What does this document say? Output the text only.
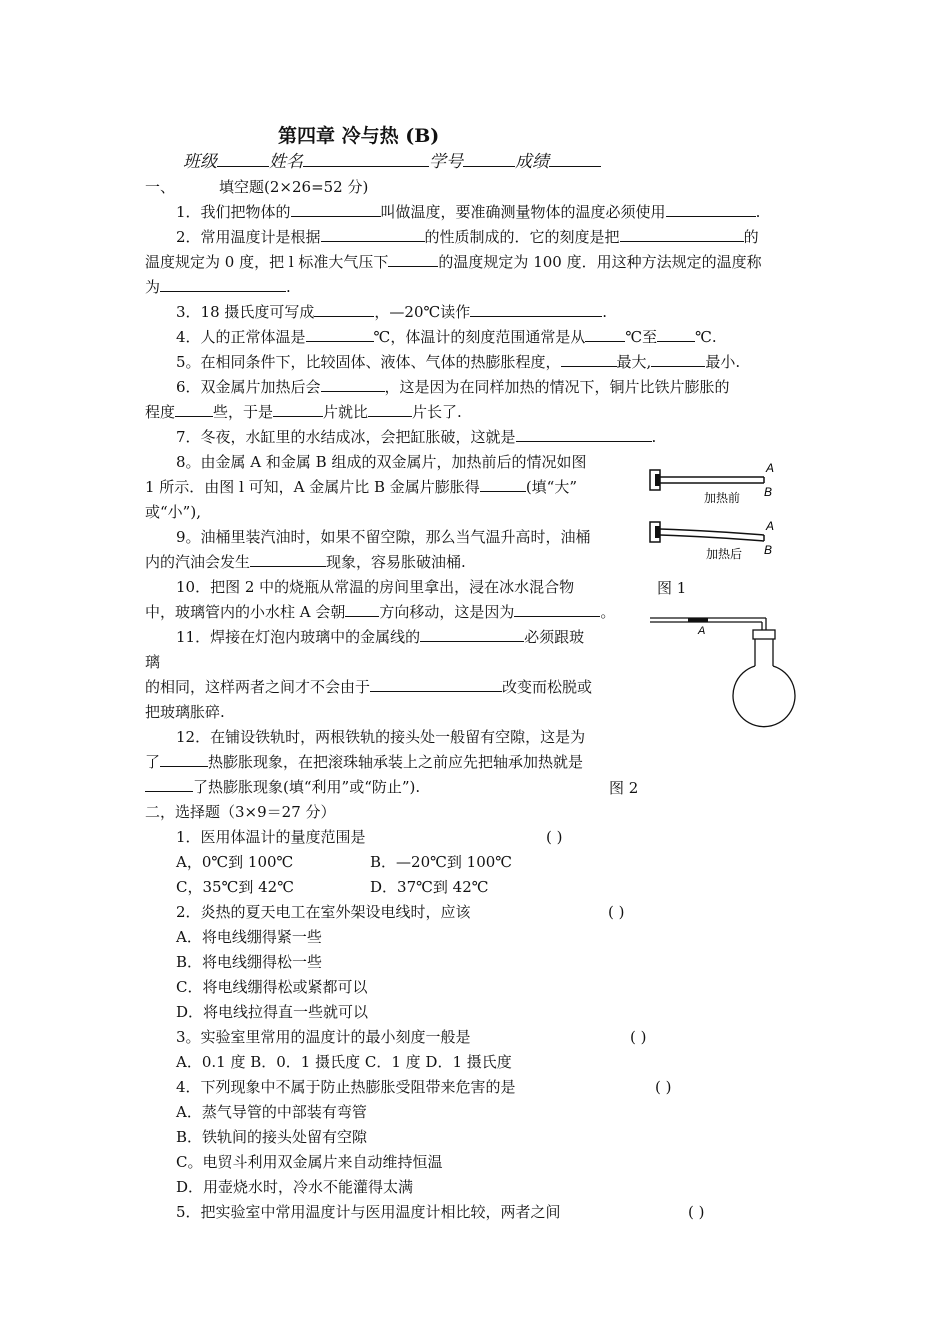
第四章 冷与热 (B)
班级	姓名	学号	成绩
一、	填空题(2×26=52 分)
1．我们把物体的	叫做温度，要准确测量物体的温度必须使用	.
2．常用温度计是根据	的性质制成的．它的刻度是把	的
温度规定为 0 度，把 l 标准大气压下	的温度规定为 100 度．用这种方法规定的温度称
为	.
3．18 摄氏度可写成	，—20℃读作	.
4．人的正常体温是	℃，体温计的刻度范围通常是从	℃至	℃.
5。在相同条件下，比较固体、液体、气体的热膨胀程度，	最大,	最小.
6．双金属片加热后会	，这是因为在同样加热的情况下，铜片比铁片膨胀的
程度	些，于是	片就比	片长了.
7．冬夜，水缸里的水结成冰，会把缸胀破，这就是	.
8。由金属 A 和金属 B 组成的双金属片，加热前后的情况如图
1 所示．由图 l 可知，A 金属片比 B 金属片膨胀得	(填“大”
或“小”),
9。油桶里装汽油时，如果不留空隙，那么当气温升高时，油桶
内的汽油会发生	现象，容易胀破油桶.
10．把图 2 中的烧瓶从常温的房间里拿出，浸在冰水混合物
中，玻璃管内的小水柱 A 会朝 方向移动，这是因为	。
11．焊接在灯泡内玻璃中的金属线的	必须跟玻
璃
的相同，这样两者之间才不会由于	改变而松脱或
把玻璃胀碎.
12．在铺设铁轨时，两根铁轨的接头处一般留有空隙，这是为
了	热膨胀现象，在把滚珠轴承装上之前应先把轴承加热就是
了热膨胀现象(填“利用”或“防止”).
A
B
加热前
A
B
加热后
图 1
A
图 2
二，选择题（3×9＝27 分）
1．医用体温计的量度范围是	( )
A，0℃到 100℃	B．—20℃到 100℃
C，35℃到 42℃	D．37℃到 42℃
2．炎热的夏天电工在室外架设电线时，应该	( )
A．将电线绷得紧一些
B．将电线绷得松一些
C．将电线绷得松或紧都可以
D．将电线拉得直一些就可以
3。实验室里常用的温度计的最小刻度一般是	( )
A．0.1 度 B．0．1 摄氏度 C．1 度 D．1 摄氏度
4．下列现象中不属于防止热膨胀受阻带来危害的是	( )
A．蒸气导管的中部装有弯管
B．铁轨间的接头处留有空隙
C。电贸斗利用双金属片来自动维持恒温
D．用壶烧水时，冷水不能灌得太满
5．把实验室中常用温度计与医用温度计相比较，两者之间	( )
